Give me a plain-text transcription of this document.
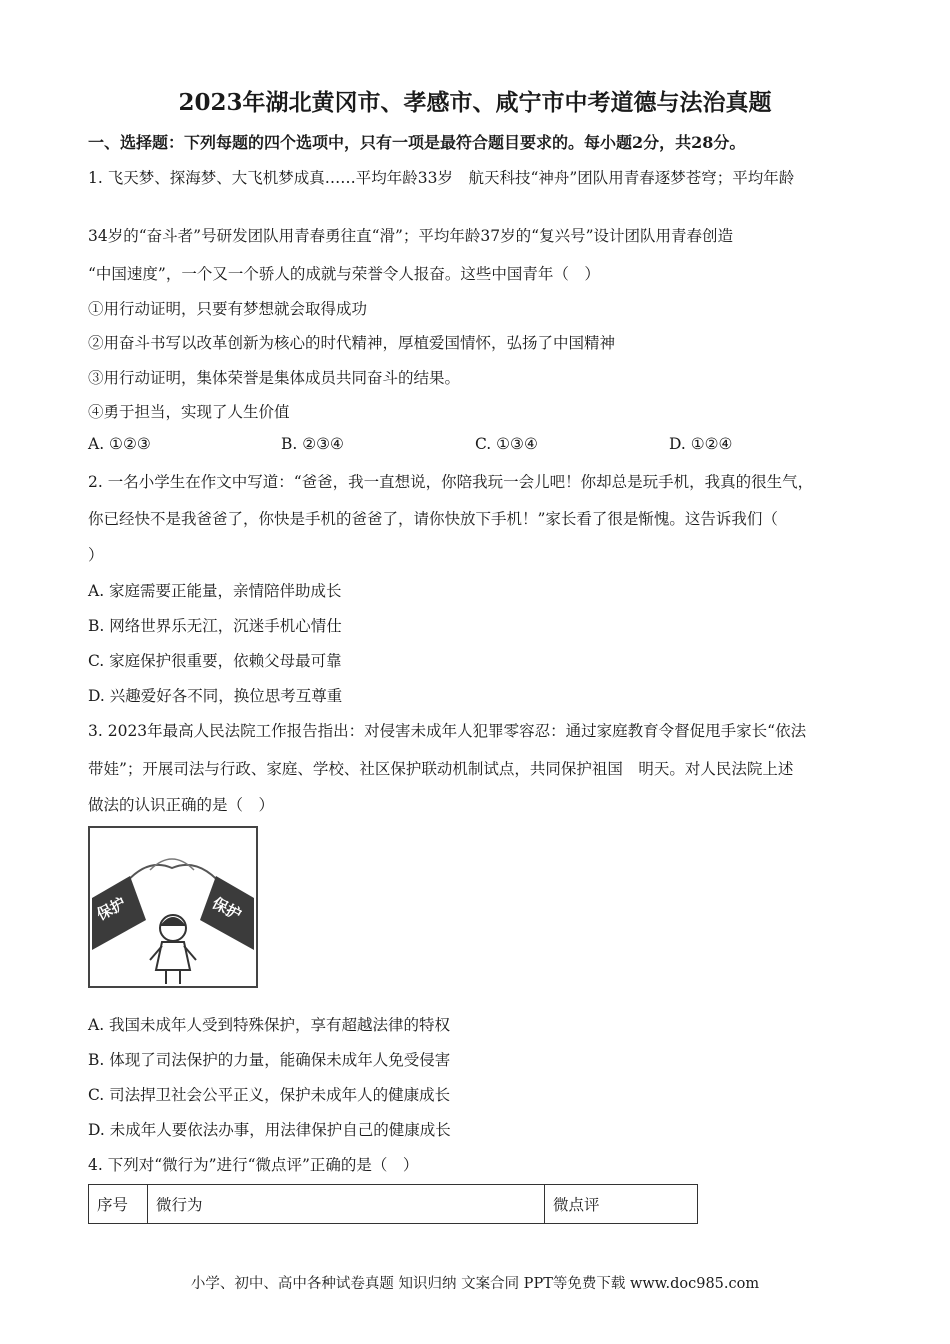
2023年湖北黄冈市、孝感市、咸宁市中考道德与法治真题
一、选择题：下列每题的四个选项中，只有一项是最符合题目要求的。每小题2分，共28分。
1. 飞天梦、探海梦、大飞机梦成真……平均年龄33岁　航天科技“神舟”团队用青春逐梦苍穹；平均年龄
34岁的“奋斗者”号研发团队用青春勇往直“滑”；平均年龄37岁的“复兴号”设计团队用青春创造
“中国速度”，一个又一个骄人的成就与荣誉令人报奋。这些中国青年（　）
①用行动证明，只要有梦想就会取得成功
②用奋斗书写以改革创新为核心的时代精神，厚植爱国情怀，弘扬了中国精神
③用行动证明，集体荣誉是集体成员共同奋斗的结果。
④勇于担当，实现了人生价值
A. ①②③	B. ②③④	C. ①③④	D. ①②④
2. 一名小学生在作文中写道：“爸爸，我一直想说，你陪我玩一会儿吧！你却总是玩手机，我真的很生气，
你已经快不是我爸爸了，你快是手机的爸爸了，请你快放下手机！”家长看了很是惭愧。这告诉我们（
）
A. 家庭需要正能量，亲情陪伴助成长
B. 网络世界乐无江，沉迷手机心情仕
C. 家庭保护很重要，依赖父母最可靠
D. 兴趣爱好各不同，换位思考互尊重
3. 2023年最高人民法院工作报告指出：对侵害未成年人犯罪零容忍：通过家庭教育令督促甩手家长“依法
带娃”；开展司法与行政、家庭、学校、社区保护联动机制试点，共同保护祖国　明天。对人民法院上述
做法的认识正确的是（　）
保护	保护
A. 我国未成年人受到特殊保护，享有超越法律的特权
B. 体现了司法保护的力量，能确保未成年人免受侵害
C. 司法捍卫社会公平正义，保护未成年人的健康成长
D. 未成年人要依法办事，用法律保护自己的健康成长
4. 下列对“微行为”进行“微点评”正确的是（　）
序号	微行为	微点评
小学、初中、高中各种试卷真题 知识归纳 文案合同 PPT等免费下载 www.doc985.com
